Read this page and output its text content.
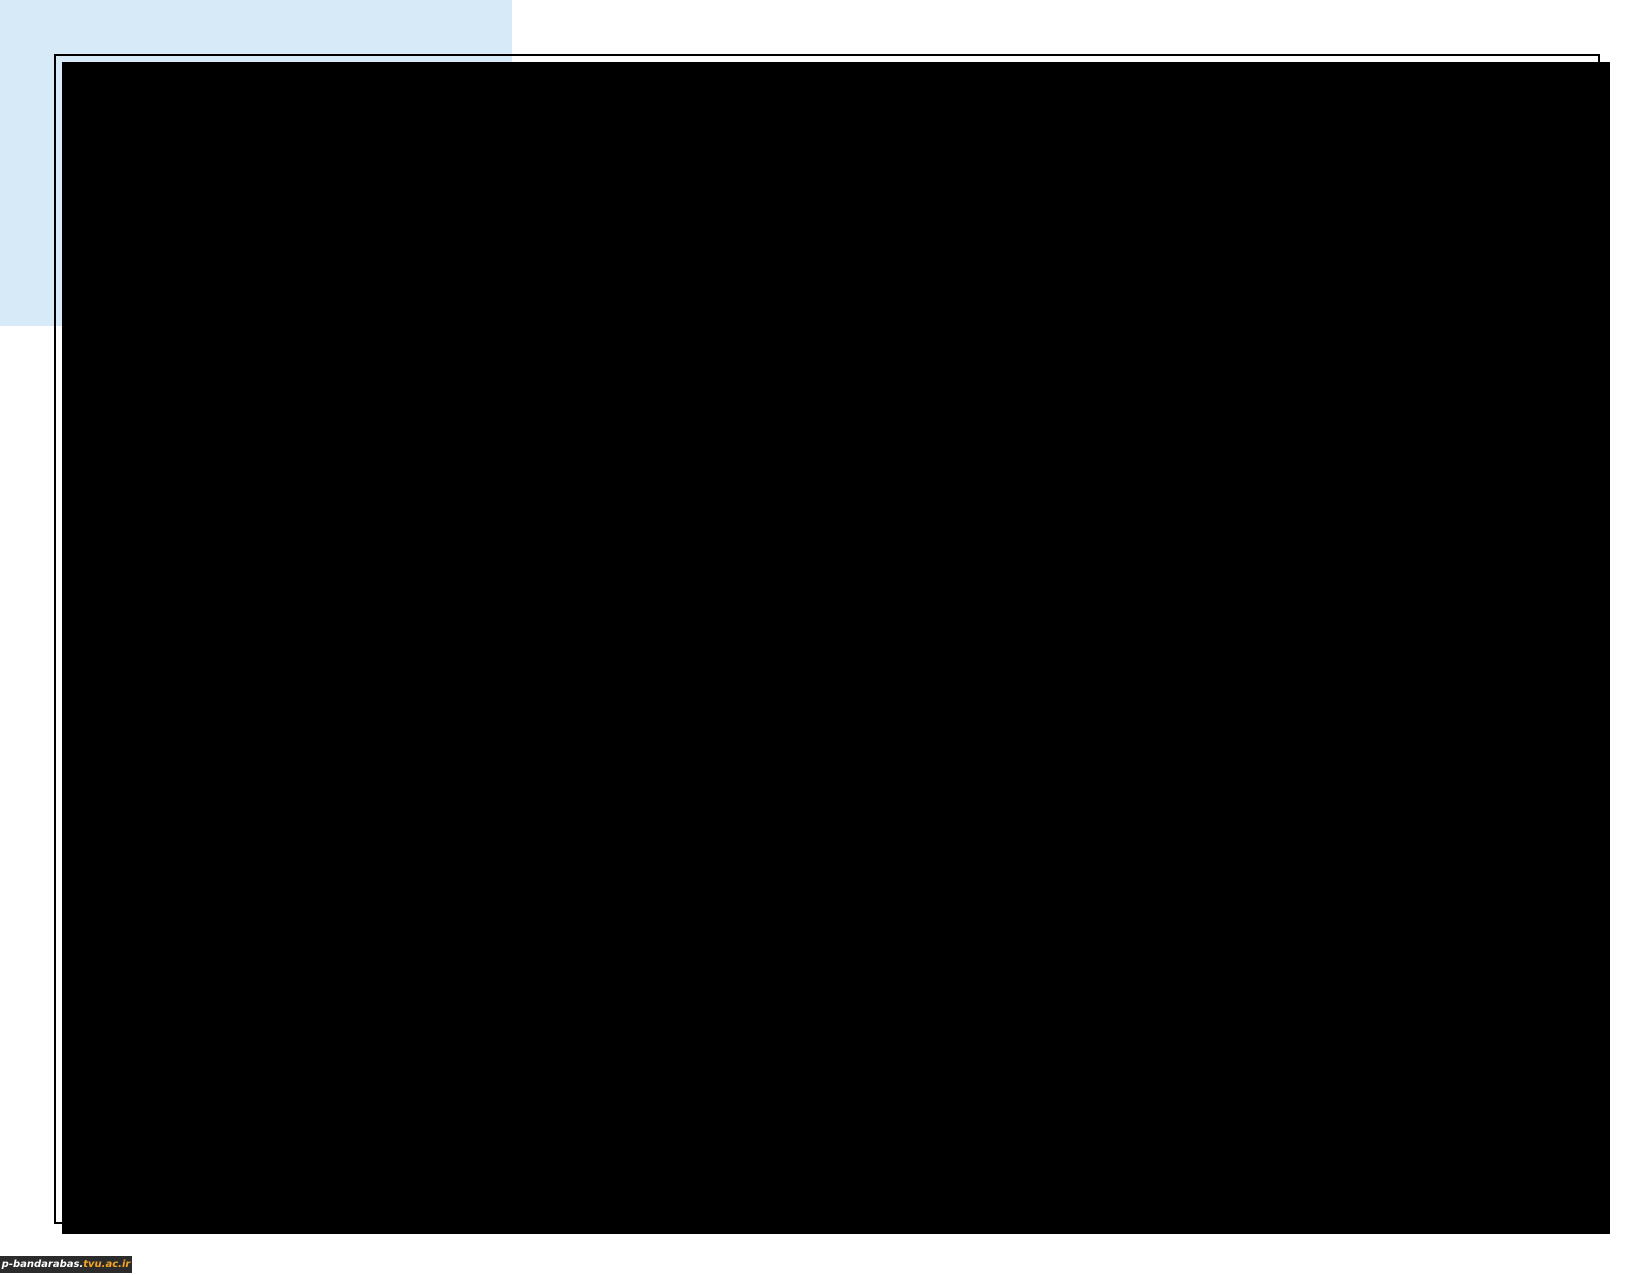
قابل توجه دانشجویان ساکن خوابگاه در سال تحصیلی ۹۸
باتوجه به گذشت حدود دو سال از تعطیلی خوابگاه ، تعدادی از دانشجویان تاکنون اقدام به تحویل
کمدها ننموده و درب بعضی از کمدها همچنان قفل می باشد و وسایل شخصی این گروه از دانشجویان
در خوابگاه می باشد ، با توجه به آماده سازی خوابگاه جهت پذیرش دانشجو در ترم آینده ، دانشجویان
مذکور تا تاریخ ۱۴۰۰/۱۱/۵ مهلت دارند نسبت به تحویل وسایل و باز نمودن کمدها اقدام نمایند ،
در غیر اینصورت بعد از تاریخ قید شده ، دانشگاه نسبت به بازگشایی کمدها اقدام و هیچ گونه
مسئولیتی در قبال لوازم موجود در کمدها نخواهد داشت.
امور دانشجویی
آموزشکده پسران بندرعباس
p-bandarabas.tvu.ac.ir
